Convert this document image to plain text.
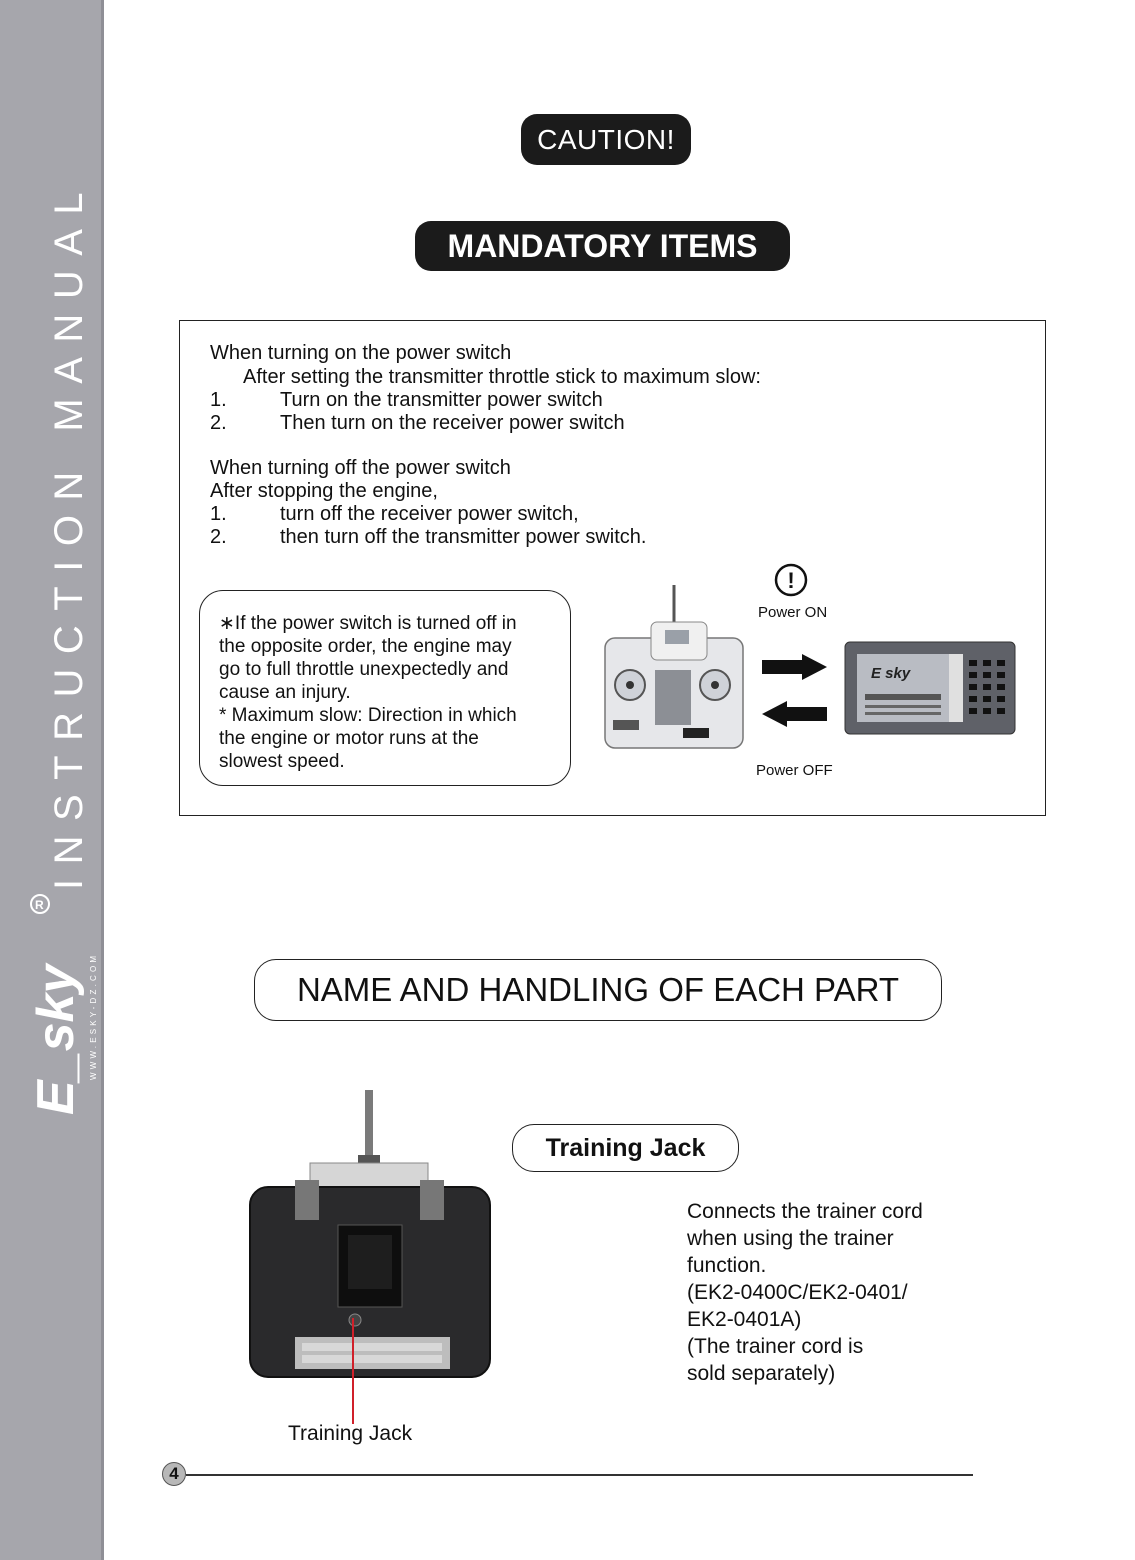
INSTRUCTION MANUAL
E_sky
R
WWW.ESKY-DZ.COM
CAUTION!
MANDATORY ITEMS
When turning on the power switch
After setting the transmitter throttle stick to maximum slow:
1.	Turn on the transmitter power switch
2.	Then turn on the receiver power switch
When turning off the power switch
After stopping the engine,
1.	turn off the receiver power switch,
2.	then turn off the transmitter power switch.
∗If the power switch is turned off in
the opposite order, the engine may
go to full throttle unexpectedly and
cause an injury.
* Maximum slow: Direction in which
the engine or motor runs at the
slowest speed.
!
E sky
Power ON
Power OFF
NAME AND HANDLING OF EACH PART
Training Jack
Training Jack
Connects the trainer cord
when using the trainer
function.
(EK2-0400C/EK2-0401/
EK2-0401A)
(The trainer cord is
sold separately)
4
